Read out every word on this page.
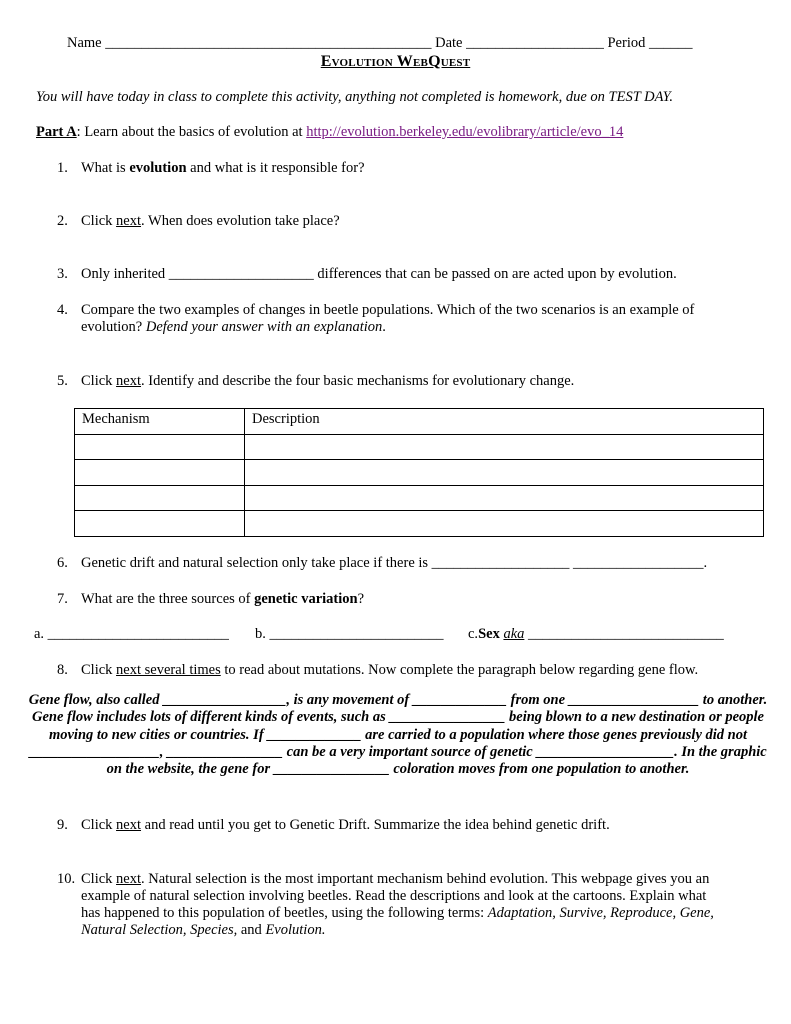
Name _____________________________________________ Date ___________________ Period ______
Evolution WebQuest
You will have today in class to complete this activity, anything not completed is homework, due on TEST DAY.
Part A: Learn about the basics of evolution at http://evolution.berkeley.edu/evolibrary/article/evo_14
1. What is evolution and what is it responsible for?
2. Click next. When does evolution take place?
3. Only inherited ____________________ differences that can be passed on are acted upon by evolution.
4. Compare the two examples of changes in beetle populations. Which of the two scenarios is an example of
evolution? Defend your answer with an explanation.
5. Click next. Identify and describe the four basic mechanisms for evolutionary change.
Mechanism	Description

6. Genetic drift and natural selection only take place if there is ___________________ __________________.
7. What are the three sources of genetic variation?
a. _________________________ b. ________________________ c.Sex aka ___________________________
8. Click next several times to read about mutations. Now complete the paragraph below regarding gene flow.
Gene flow, also called _________________, is any movement of _____________ from one __________________ to another. Gene flow includes lots of different kinds of events, such as ________________ being blown to a new destination or people moving to new cities or countries. If _____________ are carried to a population where those genes previously did not __________________, ________________ can be a very important source of genetic ___________________. In the graphic on the website, the gene for ________________ coloration moves from one population to another.
9. Click next and read until you get to Genetic Drift. Summarize the idea behind genetic drift.
10. Click next. Natural selection is the most important mechanism behind evolution. This webpage gives you an
example of natural selection involving beetles. Read the descriptions and look at the cartoons. Explain what
has happened to this population of beetles, using the following terms: Adaptation, Survive, Reproduce, Gene,
Natural Selection, Species, and Evolution.
